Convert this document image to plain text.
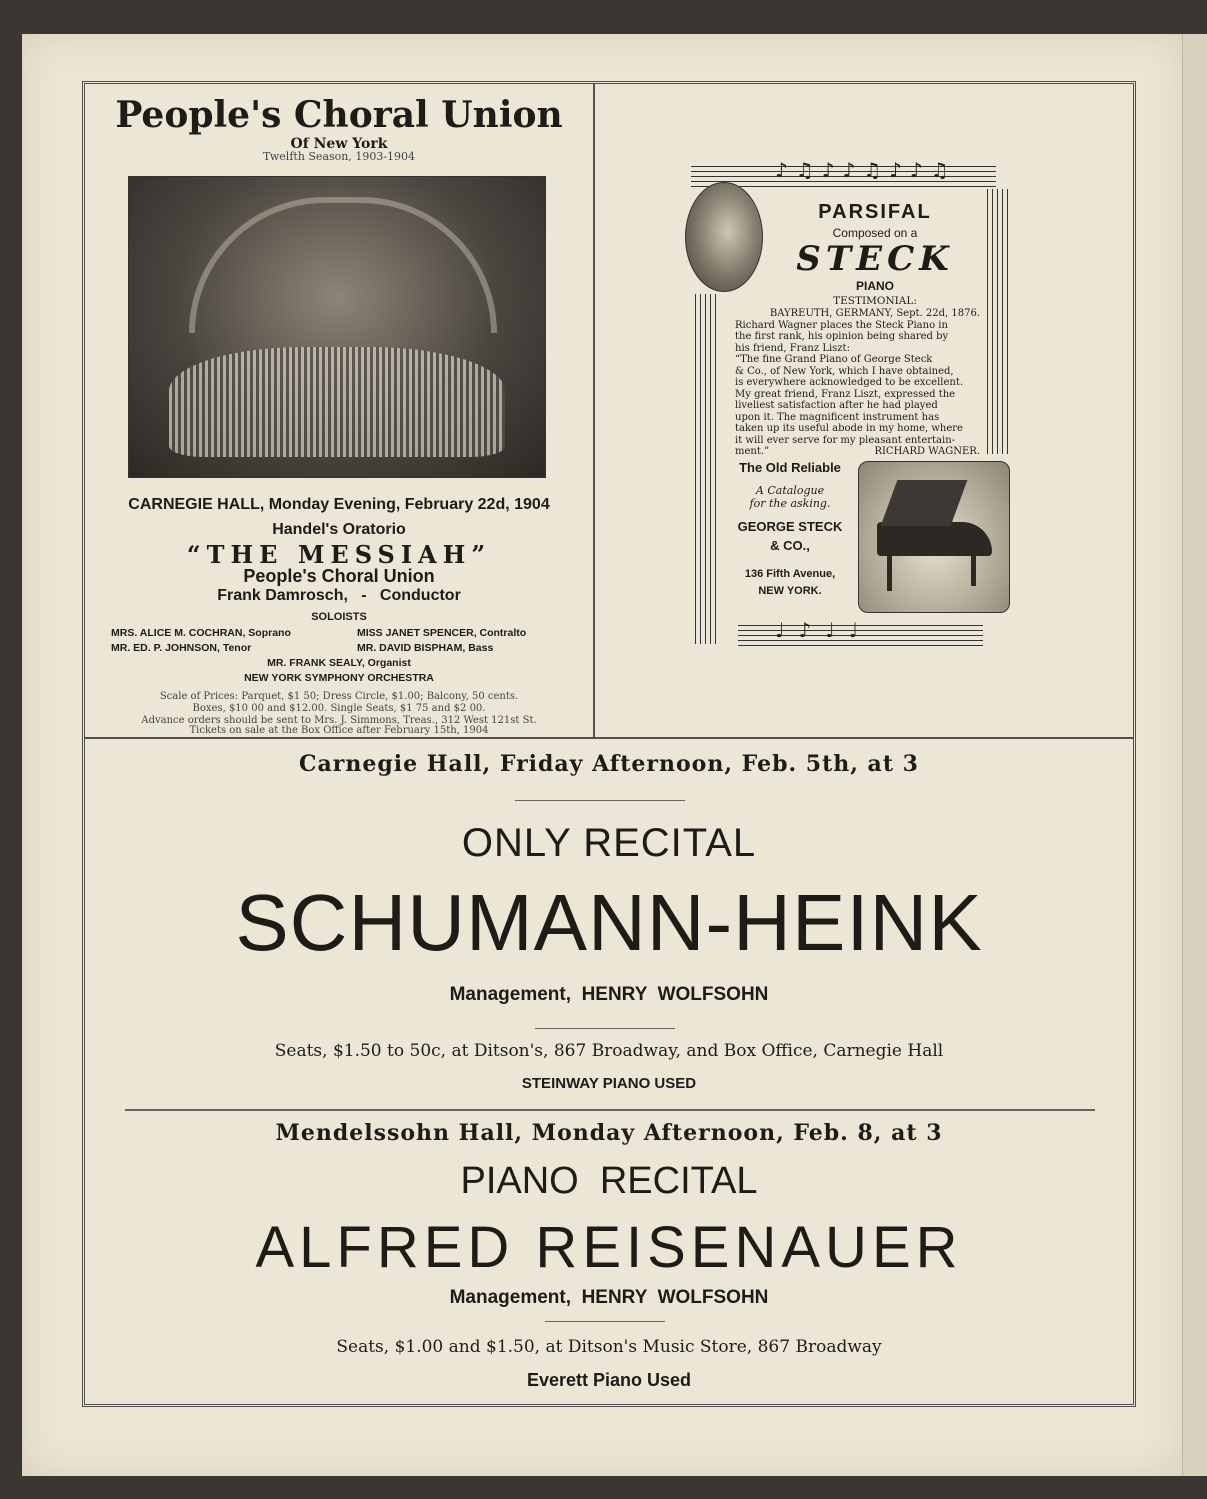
People's Choral Union
Of New York
Twelfth Season, 1903-1904
CARNEGIE HALL, Monday Evening, February 22d, 1904
Handel's Oratorio
“THE MESSIAH”
People's Choral Union
Frank Damrosch,   -   Conductor
SOLOISTS
MRS. ALICE M. COCHRAN, Soprano	MISS JANET SPENCER, Contralto
MR. ED. P. JOHNSON, Tenor	MR. DAVID BISPHAM, Bass
MR. FRANK SEALY, Organist
NEW YORK SYMPHONY ORCHESTRA
Scale of Prices: Parquet, $1 50; Dress Circle, $1.00; Balcony, 50 cents.
Boxes, $10 00 and $12.00. Single Seats, $1 75 and $2 00.
Advance orders should be sent to Mrs. J. Simmons, Treas., 312 West 121st St.
Tickets on sale at the Box Office after February 15th, 1904
♪♫♪♪♫♪♪♫
♩♪♩♩
PARSIFAL
Composed on a
STECK
PIANO
TESTIMONIAL:
BAYREUTH, GERMANY, Sept. 22d, 1876.
Richard Wagner places the Steck Piano in
the first rank, his opinion being shared by
his friend, Franz Liszt:
“The fine Grand Piano of George Steck
& Co., of New York, which I have obtained,
is everywhere acknowledged to be excellent.
My great friend, Franz Liszt, expressed the
liveliest satisfaction after he had played
upon it. The magnificent instrument has
taken up its useful abode in my home, where
it will ever serve for my pleasant entertain-
ment.”	RICHARD WAGNER.
The Old Reliable
A Catalogue
for the asking.
GEORGE STECK
& CO.,
136 Fifth Avenue,
NEW YORK.
Carnegie Hall, Friday Afternoon, Feb. 5th, at 3
ONLY RECITAL
SCHUMANN-HEINK
Management,  HENRY  WOLFSOHN
Seats, $1.50 to 50c, at Ditson's, 867 Broadway, and Box Office, Carnegie Hall
STEINWAY PIANO USED
Mendelssohn Hall, Monday Afternoon, Feb. 8, at 3
PIANO  RECITAL
ALFRED REISENAUER
Management,  HENRY  WOLFSOHN
Seats, $1.00 and $1.50, at Ditson's Music Store, 867 Broadway
Everett Piano Used
